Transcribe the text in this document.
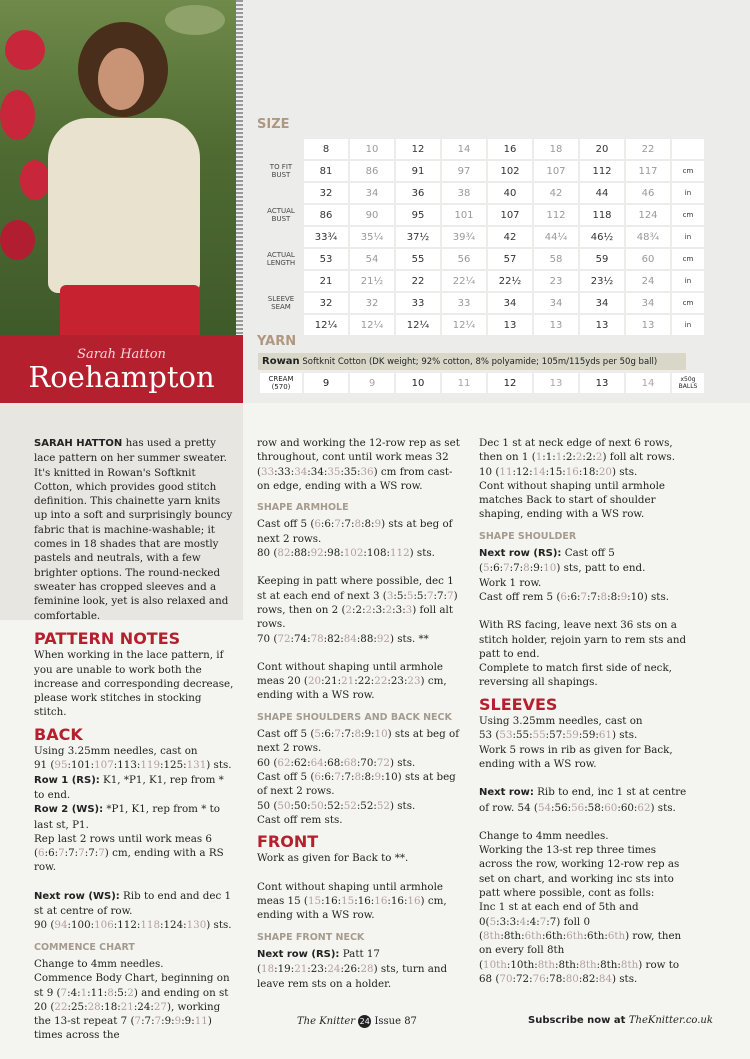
Sarah Hatton
Roehampton
SIZE
	8	10	12	14	16	18	20	22	
TO FIT BUST	81	86	91	97	102	107	112	117	cm
	32	34	36	38	40	42	44	46	in
ACTUAL BUST	86	90	95	101	107	112	118	124	cm
	33¾	35¼	37½	39¾	42	44¼	46½	48¾	in
ACTUAL LENGTH	53	54	55	56	57	58	59	60	cm
	21	21½	22	22¼	22½	23	23½	24	in
SLEEVE SEAM	32	32	33	33	34	34	34	34	cm
	12¼	12¼	12¼	12¼	13	13	13	13	in
YARN
Rowan Softknit Cotton (DK weight; 92% cotton, 8% polyamide; 105m/115yds per 50g ball)
CREAM (570)	9	9	10	11	12	13	13	14	x50g BALLS

SARAH HATTON has used a pretty lace pattern on her summer sweater. It's knitted in Rowan's Softknit Cotton, which provides good stitch definition. This chainette yarn knits up into a soft and surprisingly bouncy fabric that is machine-washable; it comes in 18 shades that are mostly pastels and neutrals, with a few brighter options. The round-necked sweater has cropped sleeves and a feminine look, yet is also relaxed and comfortable.

PATTERN NOTES

When working in the lace pattern, if you are unable to work both the increase and corresponding decrease, please work stitches in stocking stitch.

BACK

Using 3.25mm needles, cast on
91 (95:101:107:113:119:125:131) sts.

Row 1 (RS): K1, *P1, K1, rep from * to end.

Row 2 (WS): *P1, K1, rep from * to last st, P1.

Rep last 2 rows until work meas 6 (6:6:7:7:7:7:7) cm, ending with a RS row.

Next row (WS): Rib to end and dec 1 st at centre of row.
90 (94:100:106:112:118:124:130) sts.

COMMENCE CHART

Change to 4mm needles.
Commence Body Chart, beginning on st 9 (7:4:1:11:8:5:2) and ending on st
20 (22:25:28:18:21:24:27), working the 13-st repeat 7 (7:7:7:9:9:9:11) times across the

row and working the 12-row rep as set throughout, cont until work meas 32 (33:33:34:34:35:35:36) cm from cast-on edge, ending with a WS row.

SHAPE ARMHOLE

Cast off 5 (6:6:7:7:8:8:9) sts at beg of next 2 rows.
80 (82:88:92:98:102:108:112) sts.

Keeping in patt where possible, dec 1 st at each end of next 3 (3:5:5:5:7:7:7) rows, then on 2 (2:2:2:3:2:3:3) foll alt rows.
70 (72:74:78:82:84:88:92) sts. **

Cont without shaping until armhole meas 20 (20:21:21:22:22:23:23) cm, ending with a WS row.

SHAPE SHOULDERS AND BACK NECK

Cast off 5 (5:6:7:7:8:9:10) sts at beg of next 2 rows.
60 (62:62:64:68:68:70:72) sts.
Cast off 5 (6:6:7:7:8:8:9:10) sts at beg of next 2 rows.
50 (50:50:50:52:52:52:52) sts.
Cast off rem sts.

FRONT

Work as given for Back to **.

Cont without shaping until armhole meas 15 (15:16:15:16:16:16:16) cm, ending with a WS row.

SHAPE FRONT NECK

Next row (RS): Patt 17 (18:19:21:23:24:26:28) sts, turn and leave rem sts on a holder.

Dec 1 st at neck edge of next 6 rows, then on 1 (1:1:1:2:2:2:2) foll alt rows.
10 (11:12:14:15:16:18:20) sts.

Cont without shaping until armhole matches Back to start of shoulder shaping, ending with a WS row.

SHAPE SHOULDER

Next row (RS): Cast off 5 (5:6:7:7:8:9:10) sts, patt to end.
Work 1 row.
Cast off rem 5 (6:6:7:7:8:8:9:10) sts.

With RS facing, leave next 36 sts on a stitch holder, rejoin yarn to rem sts and patt to end.

Complete to match first side of neck, reversing all shapings.

SLEEVES

Using 3.25mm needles, cast on
53 (53:55:55:57:59:59:61) sts.

Work 5 rows in rib as given for Back, ending with a WS row.

Next row: Rib to end, inc 1 st at centre of row. 54 (54:56:56:58:60:60:62) sts.

Change to 4mm needles.

Working the 13-st rep three times across the row, working 12-row rep as set on chart, and working inc sts into patt where possible, cont as folls:

Inc 1 st at each end of 5th and 0(5:3:3:4:4:7:7) foll 0 (8th:8th:6th:6th:6th:6th:6th) row, then on every foll 8th (10th:10th:8th:8th:8th:8th:8th) row to 68 (70:72:76:78:80:82:84) sts.

The Knitter 24 Issue 87	Subscribe now at TheKnitter.co.uk
